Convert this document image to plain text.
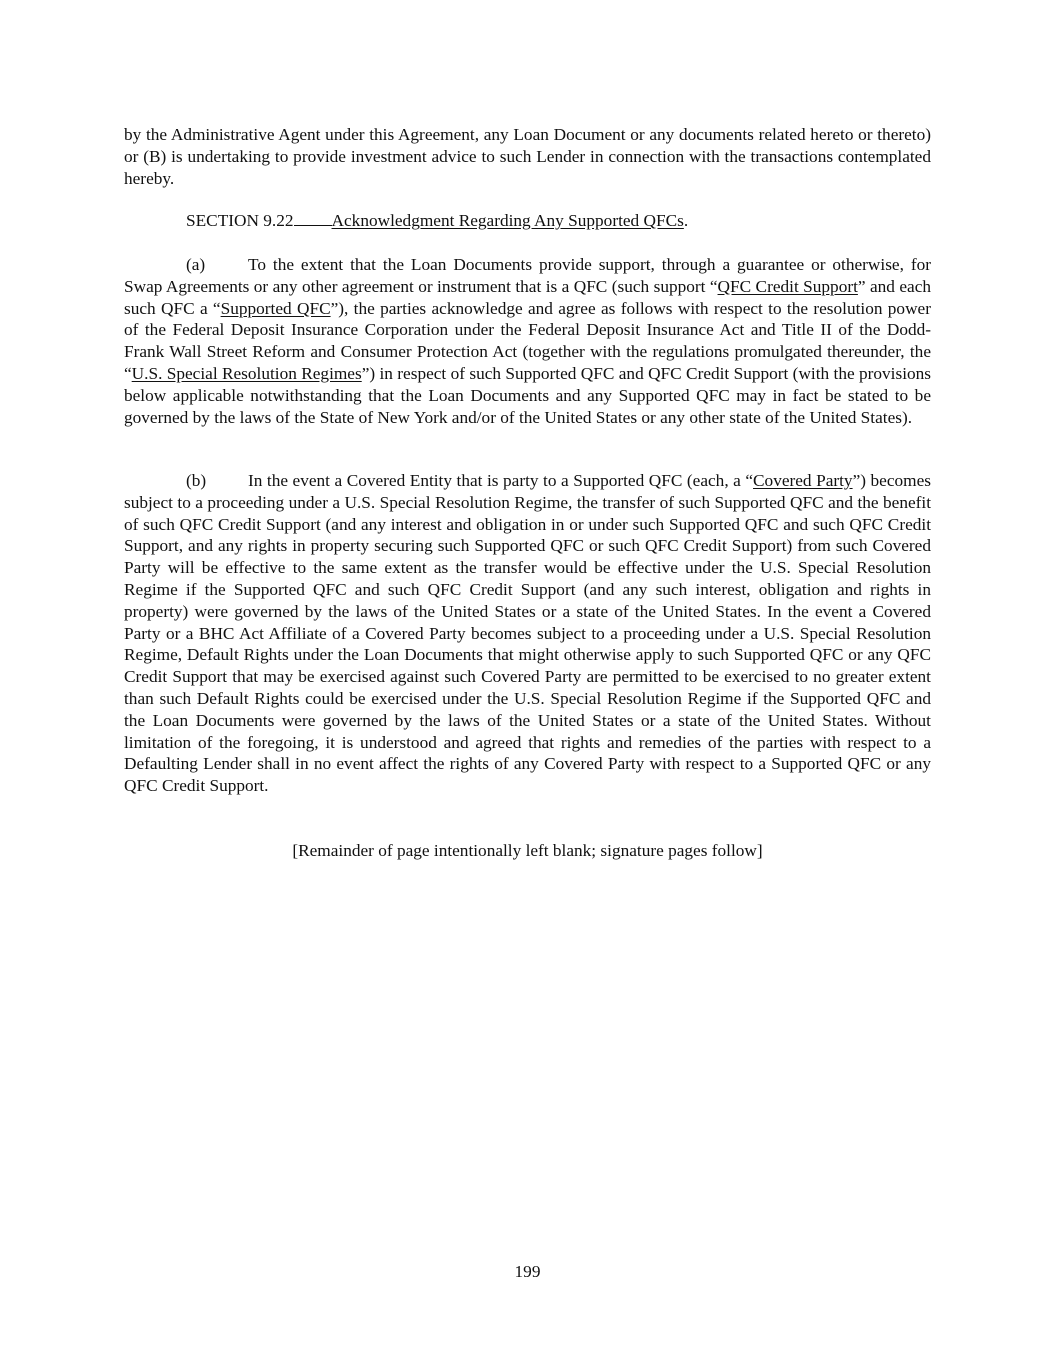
by the Administrative Agent under this Agreement, any Loan Document or any documents related hereto or thereto) or (B) is undertaking to provide investment advice to such Lender in connection with the transactions contemplated hereby.

SECTION 9.22 Acknowledgment Regarding Any Supported QFCs.

(a) To the extent that the Loan Documents provide support, through a guarantee or otherwise, for Swap Agreements or any other agreement or instrument that is a QFC (such support “QFC Credit Support” and each such QFC a “Supported QFC”), the parties acknowledge and agree as follows with respect to the resolution power of the Federal Deposit Insurance Corporation under the Federal Deposit Insurance Act and Title II of the Dodd-Frank Wall Street Reform and Consumer Protection Act (together with the regulations promulgated thereunder, the “U.S. Special Resolution Regimes”) in respect of such Supported QFC and QFC Credit Support (with the provisions below applicable notwithstanding that the Loan Documents and any Supported QFC may in fact be stated to be governed by the laws of the State of New York and/or of the United States or any other state of the United States).

(b) In the event a Covered Entity that is party to a Supported QFC (each, a “Covered Party”) becomes subject to a proceeding under a U.S. Special Resolution Regime, the transfer of such Supported QFC and the benefit of such QFC Credit Support (and any interest and obligation in or under such Supported QFC and such QFC Credit Support, and any rights in property securing such Supported QFC or such QFC Credit Support) from such Covered Party will be effective to the same extent as the transfer would be effective under the U.S. Special Resolution Regime if the Supported QFC and such QFC Credit Support (and any such interest, obligation and rights in property) were governed by the laws of the United States or a state of the United States. In the event a Covered Party or a BHC Act Affiliate of a Covered Party becomes subject to a proceeding under a U.S. Special Resolution Regime, Default Rights under the Loan Documents that might otherwise apply to such Supported QFC or any QFC Credit Support that may be exercised against such Covered Party are permitted to be exercised to no greater extent than such Default Rights could be exercised under the U.S. Special Resolution Regime if the Supported QFC and the Loan Documents were governed by the laws of the United States or a state of the United States. Without limitation of the foregoing, it is understood and agreed that rights and remedies of the parties with respect to a Defaulting Lender shall in no event affect the rights of any Covered Party with respect to a Supported QFC or any QFC Credit Support.

[Remainder of page intentionally left blank; signature pages follow]

199
